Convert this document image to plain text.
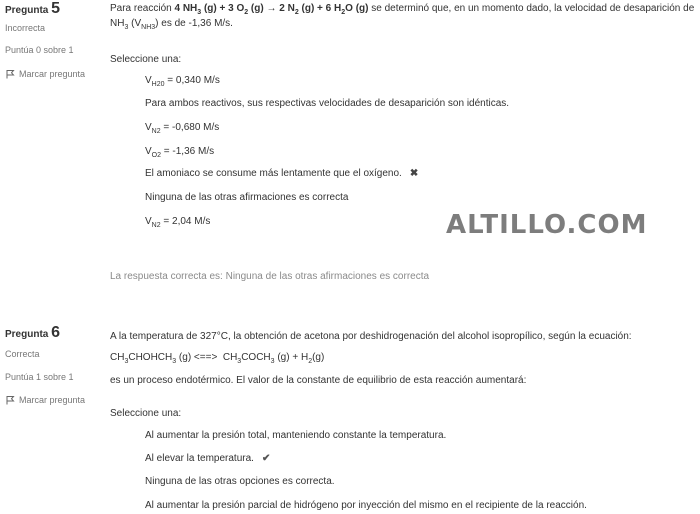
Pregunta 5
Incorrecta
Puntúa 0 sobre 1
Marcar pregunta
Para reacción 4 $NH_3$ (g) + 3 $O_2$ (g) → 2 $N_2$ (g) + 6 $H_2O$ (g) se determinó que, en un momento dado, la velocidad de desaparición de $NH_3$ $(V_{NH3})$ es de -1,36 M/s.
Seleccione una:
$V_{H20} = 0,340$ M/s
Para ambos reactivos, sus respectivas velocidades de desaparición son idénticas.
$V_{N2} = -0,680$ M/s
$V_{O2} = -1,36$ M/s
El amoniaco se consume más lentamente que el oxígeno. ✖
Ninguna de las otras afirmaciones es correcta
$V_{N2} = 2,04$ M/s
La respuesta correcta es: Ninguna de las otras afirmaciones es correcta
ALTILLO.COM
Pregunta 6
Correcta
Puntúa 1 sobre 1
Marcar pregunta
A la temperatura de 327°C, la obtención de acetona por deshidrogenación del alcohol isopropílico, según la ecuación:
$CH_3CHOHCH_3$ (g) <==>  $CH_3COCH_3$ $(g) + H_2(g)$
es un proceso endotérmico. El valor de la constante de equilibrio de esta reacción aumentará:
Seleccione una:
Al aumentar la presión total, manteniendo constante la temperatura.
Al elevar la temperatura. ✔
Ninguna de las otras opciones es correcta.
Al aumentar la presión parcial de hidrógeno por inyección del mismo en el recipiente de la reacción.
